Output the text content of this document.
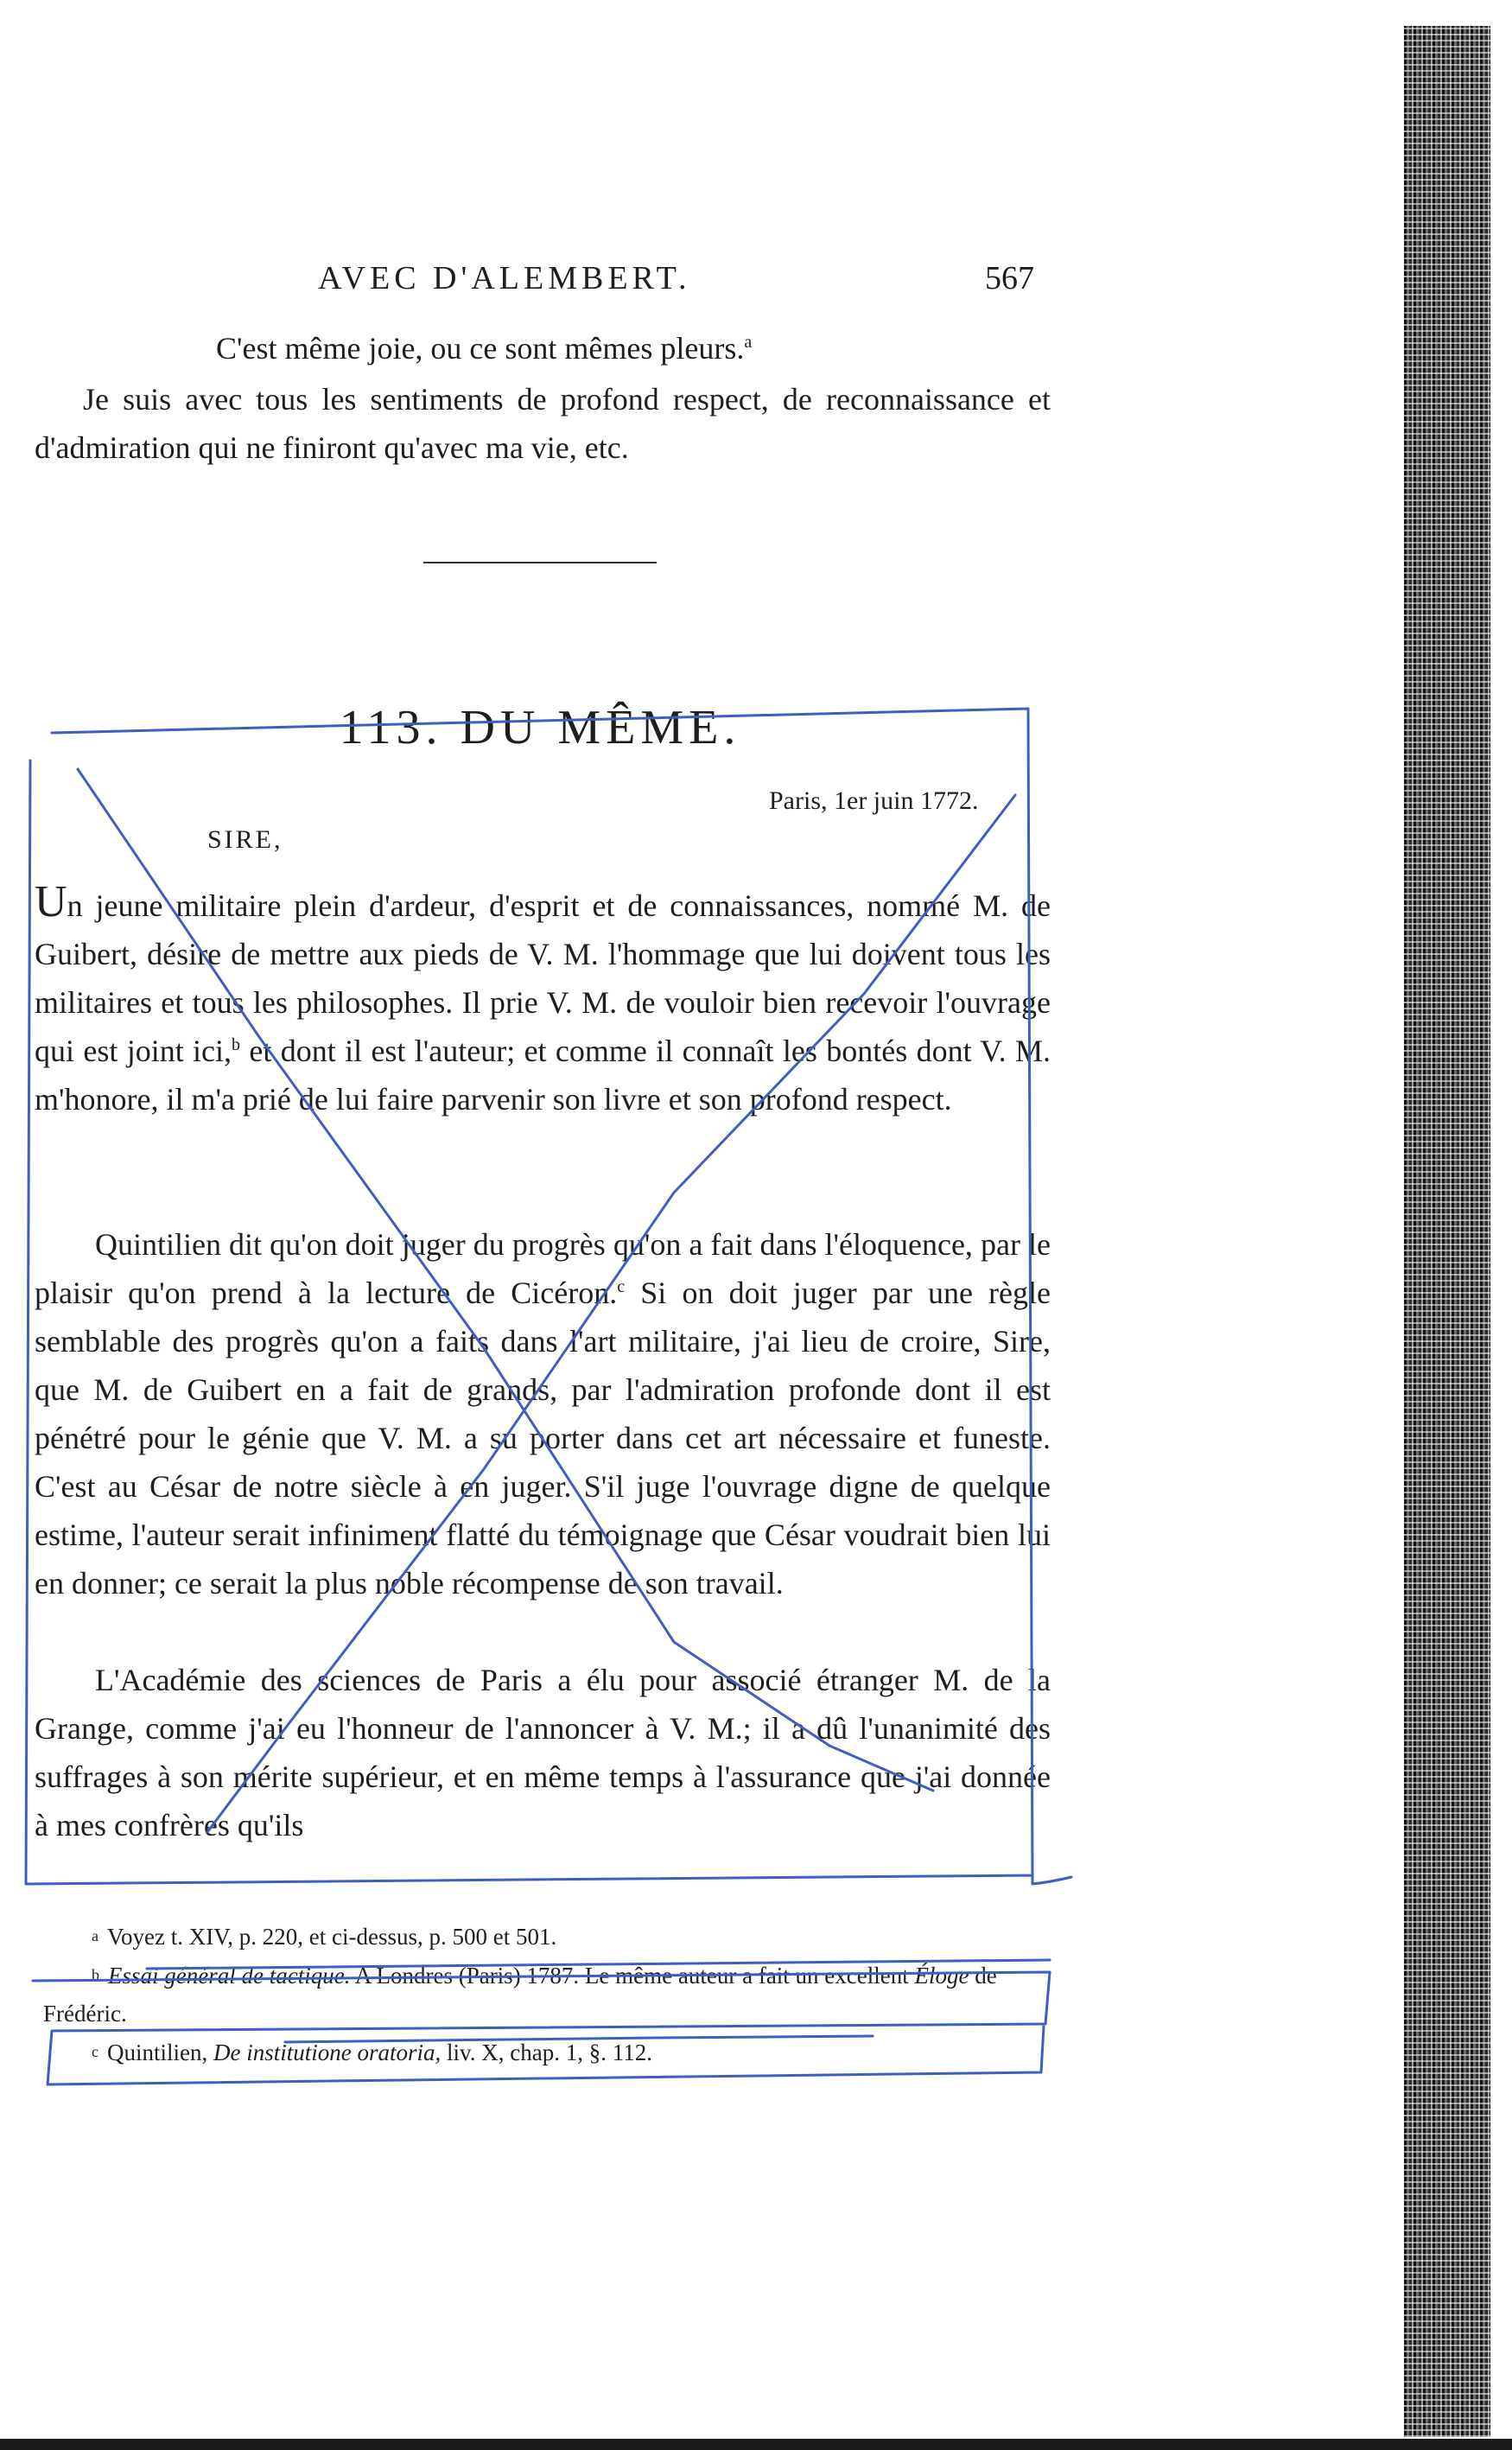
AVEC D'ALEMBERT.	567

C'est même joie, ou ce sont mêmes pleurs.$^a$

Je suis avec tous les sentiments de profond respect, de reconnaissance et d'admiration qui ne finiront qu'avec ma vie, etc.

113. DU MÊME.
Paris, 1er juin 1772.
SIRE,

Un jeune militaire plein d'ardeur, d'esprit et de connaissances, nommé M. de Guibert, désire de mettre aux pieds de V. M. l'hommage que lui doivent tous les militaires et tous les philosophes. Il prie V. M. de vouloir bien recevoir l'ouvrage qui est joint ici,$^b$ et dont il est l'auteur; et comme il connaît les bontés dont V. M. m'honore, il m'a prié de lui faire parvenir son livre et son profond respect.

Quintilien dit qu'on doit juger du progrès qu'on a fait dans l'éloquence, par le plaisir qu'on prend à la lecture de Cicéron.$^c$ Si on doit juger par une règle semblable des progrès qu'on a faits dans l'art militaire, j'ai lieu de croire, Sire, que M. de Guibert en a fait de grands, par l'admiration profonde dont il est pénétré pour le génie que V. M. a su porter dans cet art nécessaire et funeste. C'est au César de notre siècle à en juger. S'il juge l'ouvrage digne de quelque estime, l'auteur serait infiniment flatté du témoignage que César voudrait bien lui en donner; ce serait la plus noble récompense de son travail.

L'Académie des sciences de Paris a élu pour associé étranger M. de la Grange, comme j'ai eu l'honneur de l'annoncer à V. M.; il a dû l'unanimité des suffrages à son mérite supérieur, et en même temps à l'assurance que j'ai donnée à mes confrères qu'ils

a Voyez t. XIV, p. 220, et ci-dessus, p. 500 et 501.

b Essai général de tactique. A Londres (Paris) 1787. Le même auteur a fait un excellent Éloge de Frédéric.

c Quintilien, De institutione oratoria, liv. X, chap. 1, §. 112.
